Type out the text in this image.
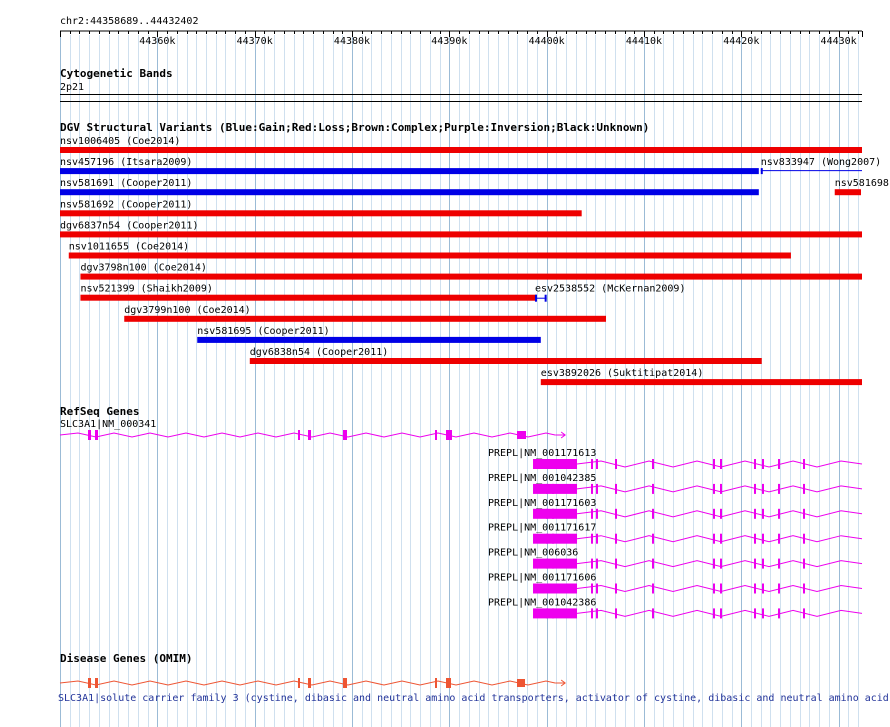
chr2:44358689..44432402
44360k	44370k	44380k	44390k	44400k	44410k	44420k	44430k
Cytogenetic Bands
2p21
DGV Structural Variants (Blue:Gain;Red:Loss;Brown:Complex;Purple:Inversion;Black:Unknown)
nsv1006405 (Coe2014)
nsv457196 (Itsara2009)	nsv833947 (Wong2007)
nsv581691 (Cooper2011)	nsv581698
nsv581692 (Cooper2011)
dgv6837n54 (Cooper2011)
nsv1011655 (Coe2014)
dgv3798n100 (Coe2014)
nsv521399 (Shaikh2009)	esv2538552 (McKernan2009)
dgv3799n100 (Coe2014)
nsv581695 (Cooper2011)
dgv6838n54 (Cooper2011)
esv3892026 (Suktitipat2014)
RefSeq Genes
SLC3A1|NM_000341
PREPL|NM_001171613
PREPL|NM_001042385
PREPL|NM_001171603
PREPL|NM_001171617
PREPL|NM_006036
PREPL|NM_001171606
PREPL|NM_001042386
Disease Genes (OMIM)
SLC3A1|solute carrier family 3 (cystine, dibasic and neutral amino acid transporters, activator of cystine, dibasic and neutral amino acid
